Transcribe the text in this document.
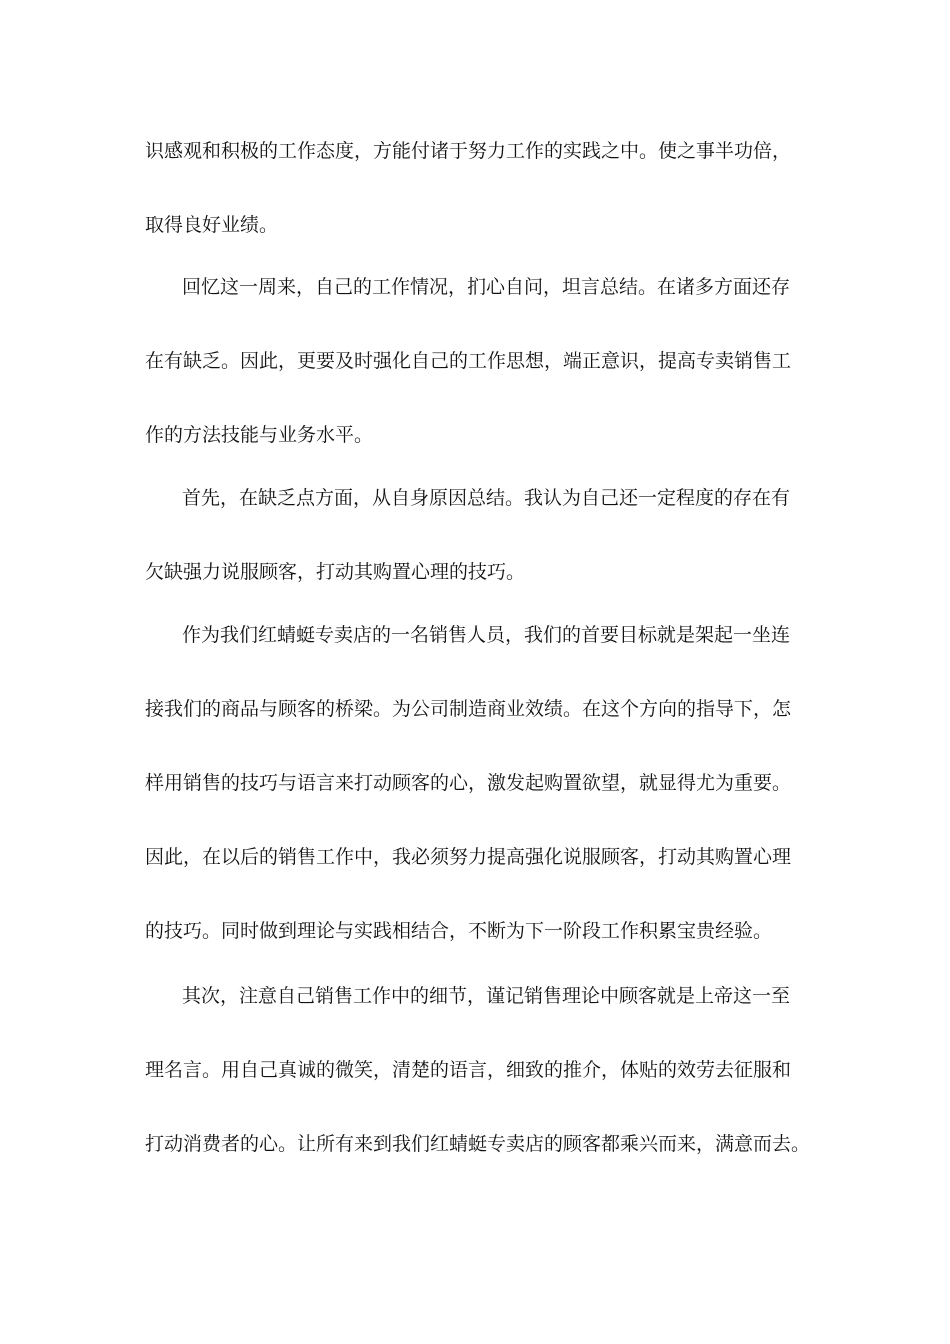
识感观和积极的工作态度，方能付诸于努力工作的实践之中。使之事半功倍，
取得良好业绩。
回忆这一周来，自己的工作情况，扪心自问，坦言总结。在诸多方面还存
在有缺乏。因此，更要及时强化自己的工作思想，端正意识，提高专卖销售工
作的方法技能与业务水平。
首先，在缺乏点方面，从自身原因总结。我认为自己还一定程度的存在有
欠缺强力说服顾客，打动其购置心理的技巧。
作为我们红蜻蜓专卖店的一名销售人员，我们的首要目标就是架起一坐连
接我们的商品与顾客的桥梁。为公司制造商业效绩。在这个方向的指导下，怎
样用销售的技巧与语言来打动顾客的心，激发起购置欲望，就显得尤为重要。
因此，在以后的销售工作中，我必须努力提高强化说服顾客，打动其购置心理
的技巧。同时做到理论与实践相结合，不断为下一阶段工作积累宝贵经验。
其次，注意自己销售工作中的细节，谨记销售理论中顾客就是上帝这一至
理名言。用自己真诚的微笑，清楚的语言，细致的推介，体贴的效劳去征服和
打动消费者的心。让所有来到我们红蜻蜓专卖店的顾客都乘兴而来，满意而去。
